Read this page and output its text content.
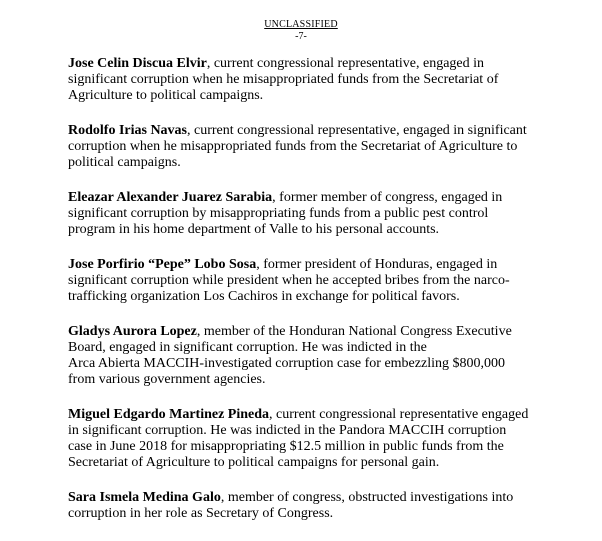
UNCLASSIFIED
-7-

Jose Celin Discua Elvir, current congressional representative, engaged in
significant corruption when he misappropriated funds from the Secretariat of
Agriculture to political campaigns.

Rodolfo Irias Navas, current congressional representative, engaged in significant
corruption when he misappropriated funds from the Secretariat of Agriculture to
political campaigns.

Eleazar Alexander Juarez Sarabia, former member of congress, engaged in
significant corruption by misappropriating funds from a public pest control
program in his home department of Valle to his personal accounts.

Jose Porfirio “Pepe” Lobo Sosa, former president of Honduras, engaged in
significant corruption while president when he accepted bribes from the narco-
trafficking organization Los Cachiros in exchange for political favors.

Gladys Aurora Lopez, member of the Honduran National Congress Executive
Board, engaged in significant corruption. He was indicted in the
Arca Abierta MACCIH-investigated corruption case for embezzling $800,000
from various government agencies.

Miguel Edgardo Martinez Pineda, current congressional representative engaged
in significant corruption. He was indicted in the Pandora MACCIH corruption
case in June 2018 for misappropriating $12.5 million in public funds from the
Secretariat of Agriculture to political campaigns for personal gain.

Sara Ismela Medina Galo, member of congress, obstructed investigations into
corruption in her role as Secretary of Congress.
